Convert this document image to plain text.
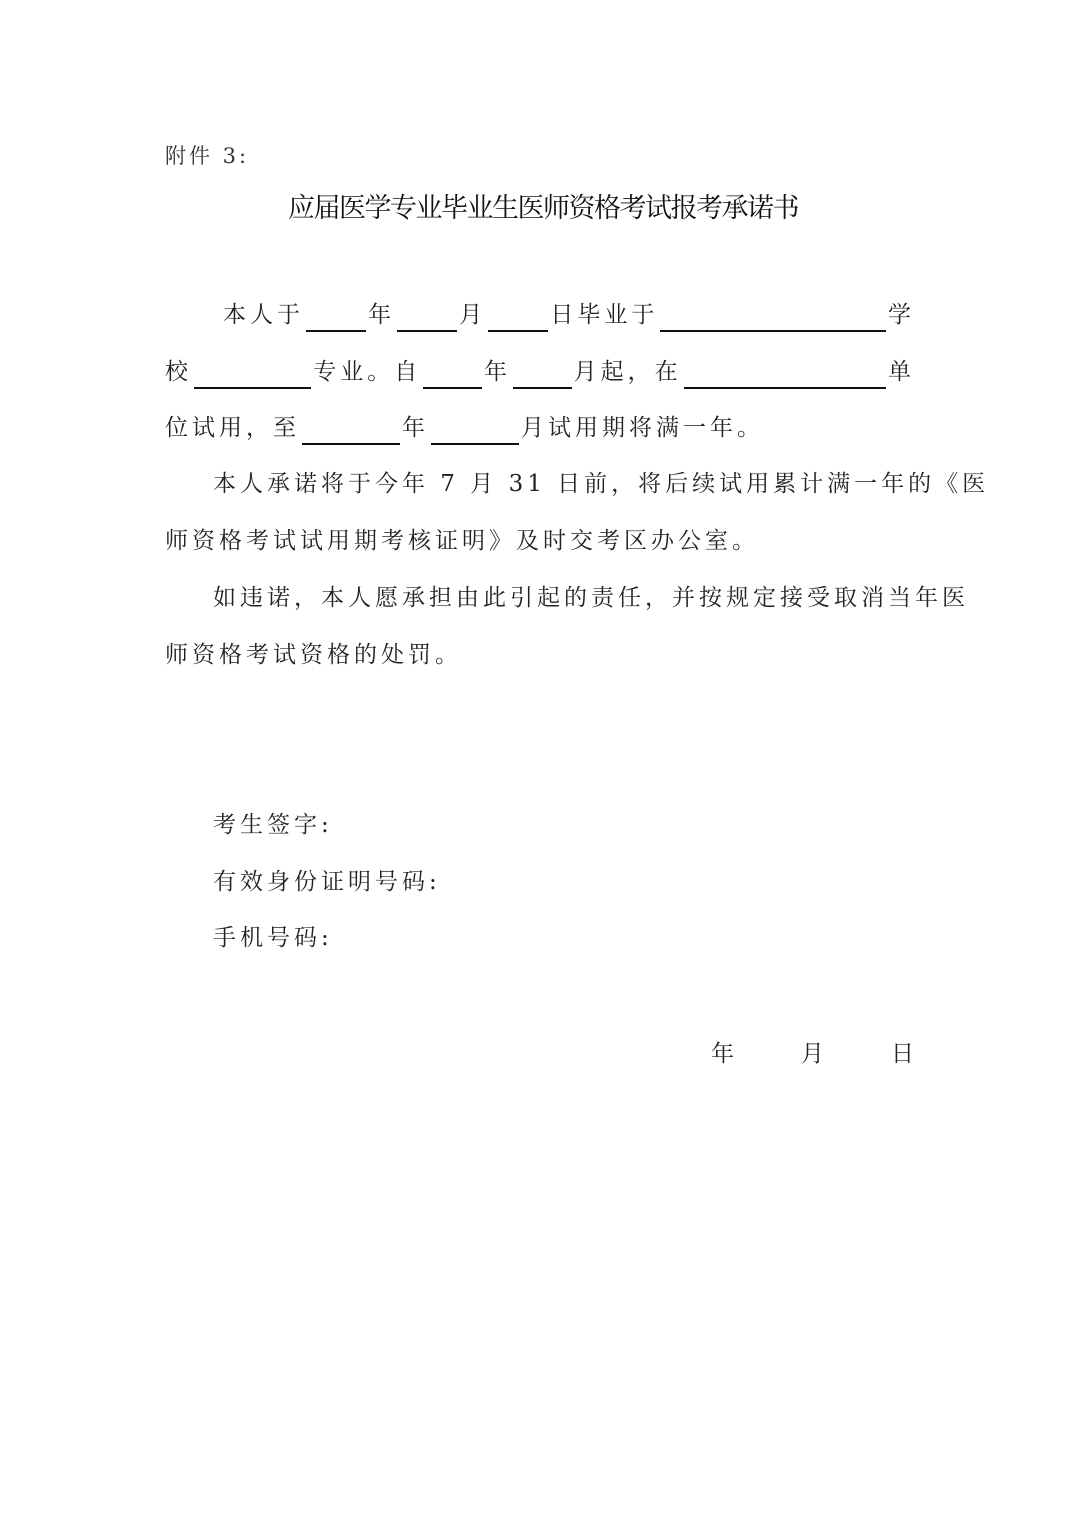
附件 3:
应届医学专业毕业生医师资格考试报考承诺书
本人于	年	月	日毕业于	学
校	专业。自	年	月起，在	单
位试用，至	年	月试用期将满一年。
本人承诺将于今年 7 月 31 日前，将后续试用累计满一年的《医
师资格考试试用期考核证明》及时交考区办公室。
如违诺，本人愿承担由此引起的责任，并按规定接受取消当年医
师资格考试资格的处罚。
考生签字:
有效身份证明号码:
手机号码:
年	月	日
